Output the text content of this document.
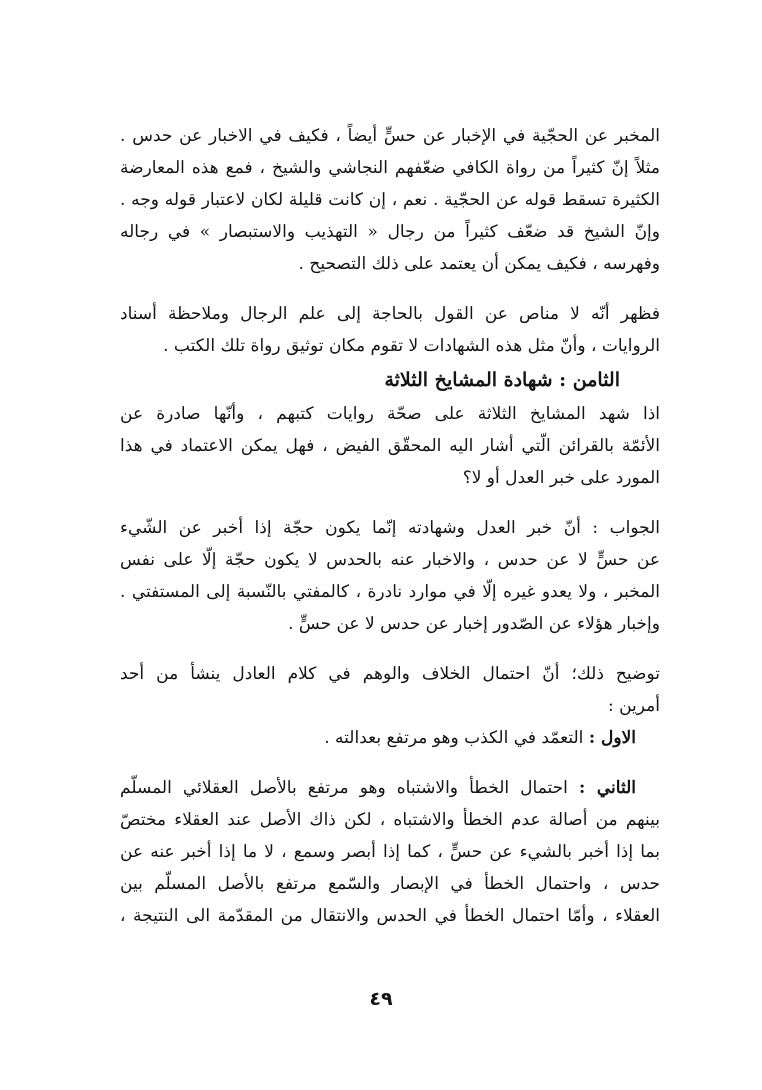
المخبر عن الحجّية في الإخبار عن حسٍّ أيضاً ، فكيف في الاخبار عن حدس .
مثلاً إنّ كثيراً من رواة الكافي ضعّفهم النجاشي والشيخ ، فمع هذه المعارضة
الكثيرة تسقط قوله عن الحجّية . نعم ، إن كانت قليلة لكان لاعتبار قوله وجه .
وإنّ الشيخ قد ضعّف كثيراً من رجال « التهذيب والاستبصار » في رجاله
وفهرسه ، فكيف يمكن أن يعتمد على ذلك التصحيح .
فظهر أنّه لا مناص عن القول بالحاجة إلى علم الرجال وملاحظة أسناد
الروايات ، وأنّ مثل هذه الشهادات لا تقوم مكان توثيق رواة تلك الكتب .
الثامن : شهادة المشايخ الثلاثة
اذا شهد المشايخ الثلاثة على صحّة روايات كتبهم ، وأنّها صادرة عن
الأئمّة بالقرائن الّتي أشار اليه المحقّق الفيض ، فهل يمكن الاعتماد في هذا
المورد على خبر العدل أو لا؟
الجواب : أنّ خبر العدل وشهادته إنّما يكون حجّة إذا أخبر عن الشّيء
عن حسٍّ لا عن حدس ، والاخبار عنه بالحدس لا يكون حجّة إلّا على نفس
المخبر ، ولا يعدو غيره إلّا في موارد نادرة ، كالمفتي بالنّسبة إلى المستفتي .
وإخبار هؤلاء عن الصّدور إخبار عن حدس لا عن حسٍّ .
توضيح ذلك؛ أنّ احتمال الخلاف والوهم في كلام العادل ينشأ من أحد
أمرين :
الاول : التعمّد في الكذب وهو مرتفع بعدالته .
الثاني : احتمال الخطأ والاشتباه وهو مرتفع بالأصل العقلائي المسلّم
بينهم من أصالة عدم الخطأ والاشتباه ، لكن ذاك الأصل عند العقلاء مختصّ
بما إذا أخبر بالشيء عن حسٍّ ، كما إذا أبصر وسمع ، لا ما إذا أخبر عنه عن
حدس ، واحتمال الخطأ في الإبصار والسّمع مرتفع بالأصل المسلّم بين
العقلاء ، وأمّا احتمال الخطأ في الحدس والانتقال من المقدّمة الى النتيجة ،
٤٩
